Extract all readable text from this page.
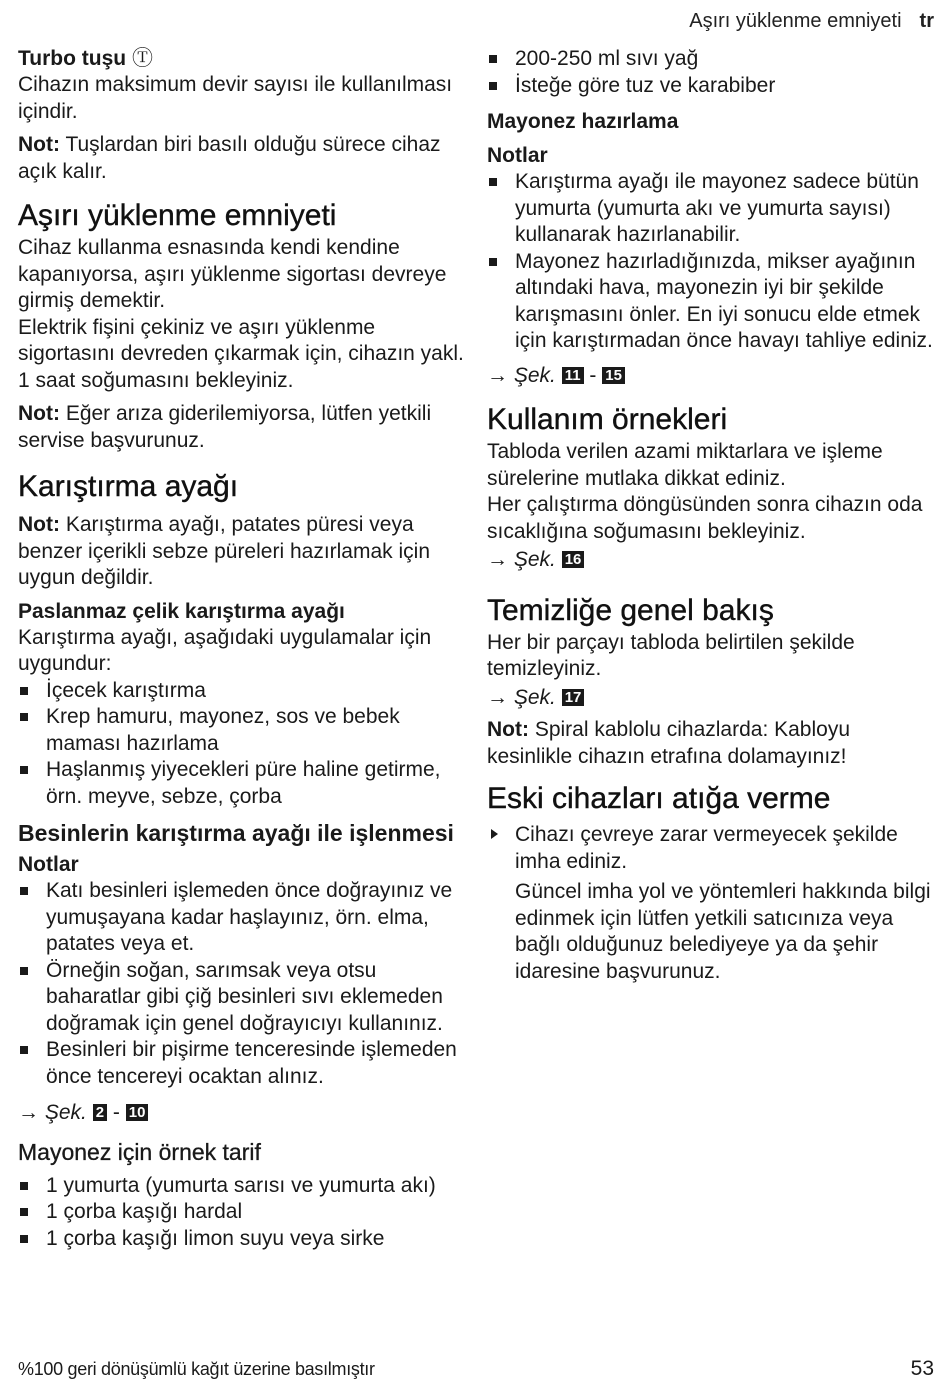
Aşırı yüklenme emniyeti tr
Turbo tuşu Ⓣ

Cihazın maksimum devir sayısı ile kullanılması içindir.

Not: Tuşlardan biri basılı olduğu sürece cihaz açık kalır.

Aşırı yüklenme emniyeti

Cihaz kullanma esnasında kendi kendine kapanıyorsa, aşırı yüklenme sigortası devreye girmiş demektir.

Elektrik fişini çekiniz ve aşırı yüklenme sigortasını devreden çıkarmak için, cihazın yakl. 1 saat soğumasını bekleyiniz.

Not: Eğer arıza giderilemiyorsa, lütfen yetkili servise başvurunuz.

Karıştırma ayağı

Not: Karıştırma ayağı, patates püresi veya benzer içerikli sebze püreleri hazırlamak için uygun değildir.

Paslanmaz çelik karıştırma ayağı

Karıştırma ayağı, aşağıdaki uygulamalar için uygundur:

İçecek karıştırma
Krep hamuru, mayonez, sos ve bebek maması hazırlama
Haşlanmış yiyecekleri püre haline getirme, örn. meyve, sebze, çorba
Besinlerin karıştırma ayağı ile işlenmesi
Notlar
Katı besinleri işlemeden önce doğrayınız ve yumuşayana kadar haşlayınız, örn. elma, patates veya et.
Örneğin soğan, sarımsak veya otsu baharatlar gibi çiğ besinleri sıvı eklemeden doğramak için genel doğrayıcıyı kullanınız.
Besinleri bir pişirme tenceresinde işlemeden önce tencereyi ocaktan alınız.
→ Şek. 2 - 10
Mayonez için örnek tarif
1 yumurta (yumurta sarısı ve yumurta akı)
1 çorba kaşığı hardal
1 çorba kaşığı limon suyu veya sirke
200-250 ml sıvı yağ
İsteğe göre tuz ve karabiber
Mayonez hazırlama
Notlar
Karıştırma ayağı ile mayonez sadece bütün yumurta (yumurta akı ve yumurta sayısı) kullanarak hazırlanabilir.
Mayonez hazırladığınızda, mikser ayağının altındaki hava, mayonezin iyi bir şekilde karışmasını önler. En iyi sonucu elde etmek için karıştırmadan önce havayı tahliye ediniz.
→ Şek. 11 - 15
Kullanım örnekleri

Tabloda verilen azami miktarlara ve işleme sürelerine mutlaka dikkat ediniz.

Her çalıştırma döngüsünden sonra cihazın oda sıcaklığına soğumasını bekleyiniz.

→ Şek. 16
Temizliğe genel bakış

Her bir parçayı tabloda belirtilen şekilde temizleyiniz.

→ Şek. 17

Not: Spiral kablolu cihazlarda: Kabloyu kesinlikle cihazın etrafına dolamayınız!

Eski cihazları atığa verme
Cihazı çevreye zarar vermeyecek şekilde imha ediniz.

Güncel imha yol ve yöntemleri hakkında bilgi edinmek için lütfen yetkili satıcınıza veya bağlı olduğunuz belediyeye ya da şehir idaresine başvurunuz.

%100 geri dönüşümlü kağıt üzerine basılmıştır	53
